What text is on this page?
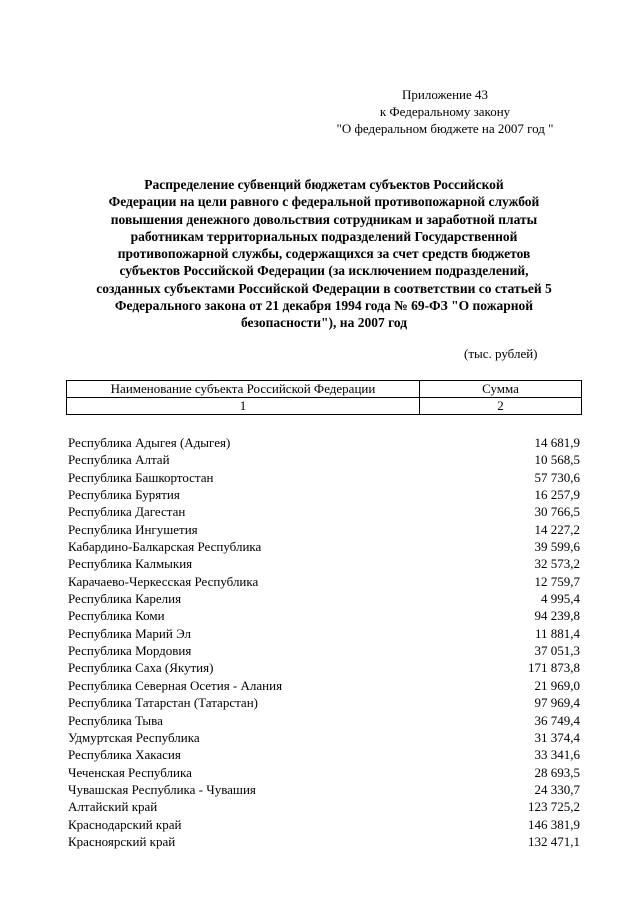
Приложение 43
к Федеральному закону
"О федеральном бюджете на 2007 год "
Распределение субвенций бюджетам субъектов Российской
Федерации на цели равного с федеральной противопожарной службой
повышения денежного довольствия сотрудникам и заработной платы
работникам территориальных подразделений Государственной
противопожарной службы, содержащихся за счет средств бюджетов
субъектов Российской Федерации (за исключением подразделений,
созданных субъектами Российской Федерации в соответствии со статьей 5
Федерального закона от 21 декабря 1994 года № 69-ФЗ "О пожарной
безопасности"), на 2007 год
(тыс. рублей)
Наименование субъекта Российской Федерации	Сумма
1	2
Республика Адыгея (Адыгея)	14 681,9
Республика Алтай	10 568,5
Республика Башкортостан	57 730,6
Республика Бурятия	16 257,9
Республика Дагестан	30 766,5
Республика Ингушетия	14 227,2
Кабардино-Балкарская Республика	39 599,6
Республика Калмыкия	32 573,2
Карачаево-Черкесская Республика	12 759,7
Республика Карелия	4 995,4
Республика Коми	94 239,8
Республика Марий Эл	11 881,4
Республика Мордовия	37 051,3
Республика Саха (Якутия)	171 873,8
Республика Северная Осетия - Алания	21 969,0
Республика Татарстан (Татарстан)	97 969,4
Республика Тыва	36 749,4
Удмуртская Республика	31 374,4
Республика Хакасия	33 341,6
Чеченская Республика	28 693,5
Чувашская Республика - Чувашия	24 330,7
Алтайский край	123 725,2
Краснодарский край	146 381,9
Красноярский край	132 471,1
